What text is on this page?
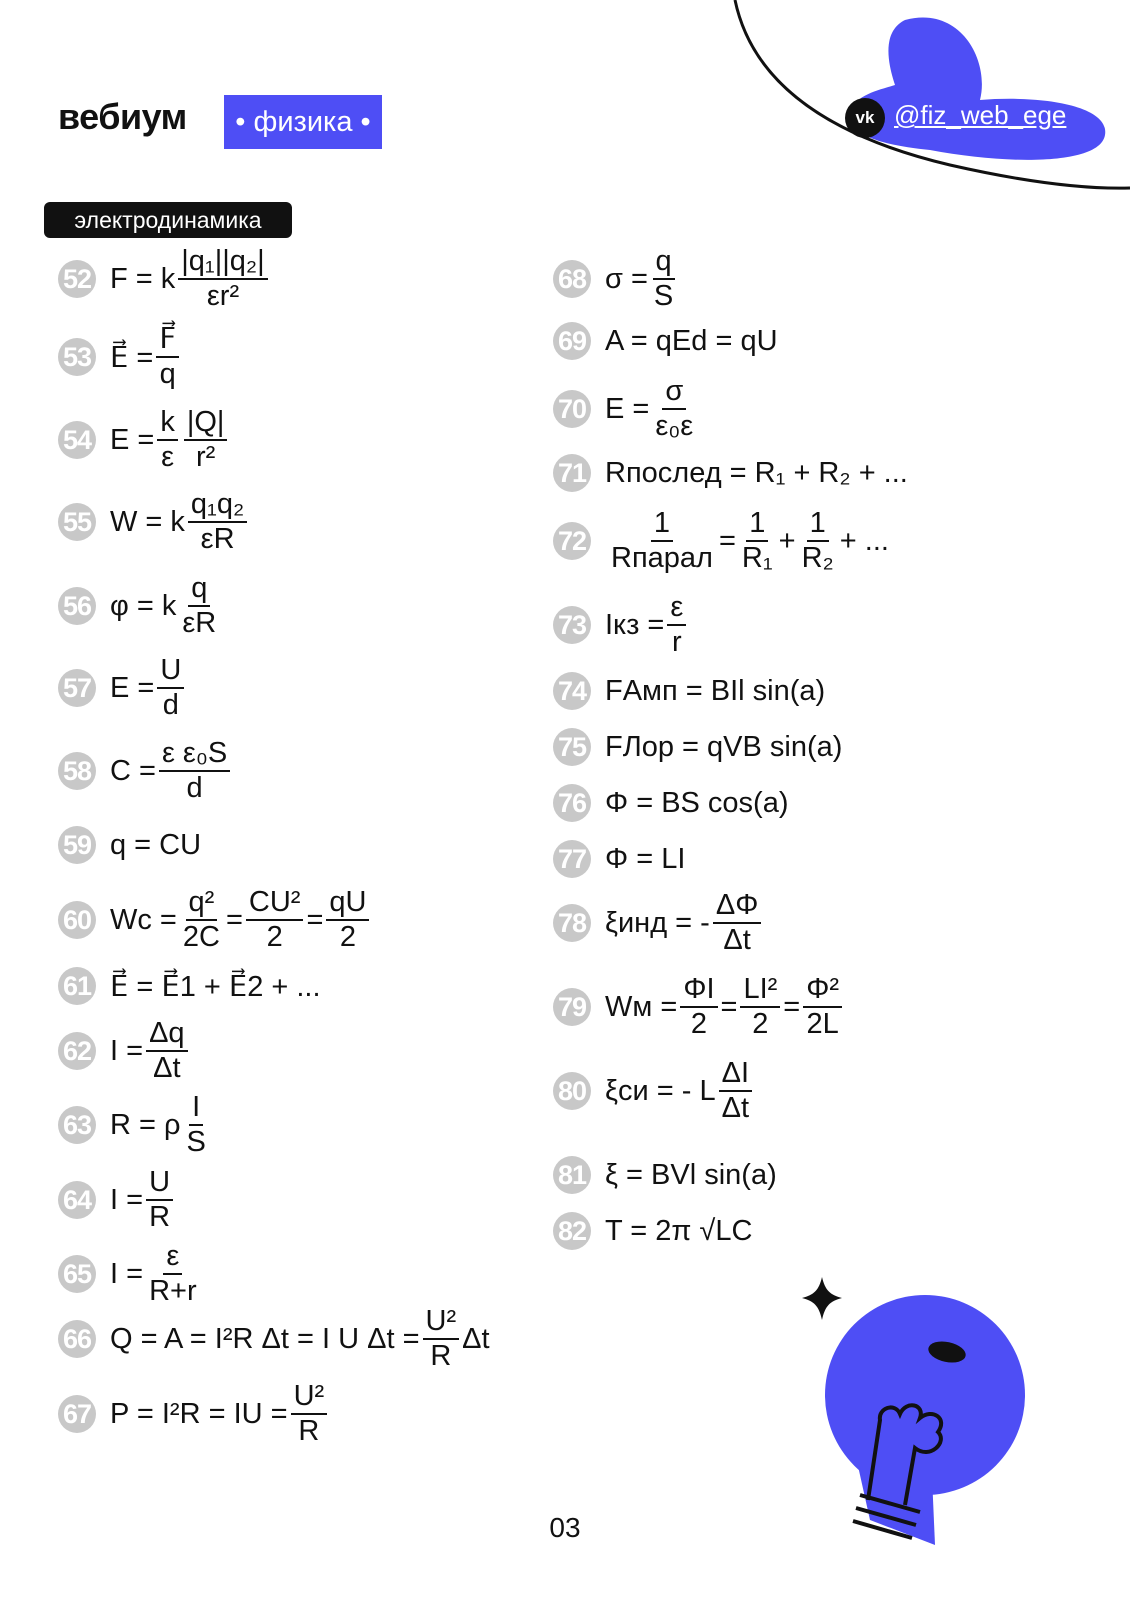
вебиум	• физика •	vk @fiz_web_ege
электродинамика
52 F = k $\frac{\text{|q₁||q₂|}}{\text{εr²}}$
53 E⃗ = $\frac{F⃗}{q}$
54 $E = \frac{k}{\varepsilon} \frac{|Q|}{\text{r²}}$
55 W = k $\frac{\text{q₁q₂}}{\varepsilon R}$
56 φ = k $\frac{q}{\varepsilon R}$
57 $E = \frac{U}{d}$
58 $C = \frac{\text{ε ε₀S}}{d}$
59 q = CU
60 $Wc = \frac{\text{q²}}{2C} = \frac{\text{CU²}}{2} = \frac{qU}{2}$
61 E⃗ = E⃗1 + E⃗2 + ...
62 $I = \frac{\Delta q}{\Delta t}$
63 R = ρ $\frac{I}{S}$
64 $I = \frac{U}{R}$
65 $I = \frac{\varepsilon}{R+r}$
66 Q = A = I²R Δt = I U $\Delta t = \frac{\text{U²}}{R}$ Δt
67 P = I²R = IU = $\frac{\text{U²}}{R}$
68 $\sigma = \frac{q}{S}$
69 A = qEd = qU
70 $E = \frac{\sigma}{\text{ε₀ε}}$
71 Rпослед = R₁ + R₂ + ...
$72 \frac{1}{\text{Rпарал}} = \frac{1}{\text{R₁}} + \frac{1}{\text{R₂}}$ + ...
73 Iкз = $\frac{\varepsilon}{r}$
74 FАмп = BIl sin(a)
75 FЛор = qVB sin(a)
76 Φ = BS cos(a)
77 Φ = LI
78 ξинд = - $\frac{\Delta\Phi}{\Delta t}$
79 Wм = $\frac{\Phi I}{2} = \frac{\text{LI²}}{2} = \frac{\text{Φ²}}{2L}$
80 ξси = - L $\frac{\Delta I}{\Delta t}$
81 ξ = BVl sin(a)
82 T = 2π √LC
03
